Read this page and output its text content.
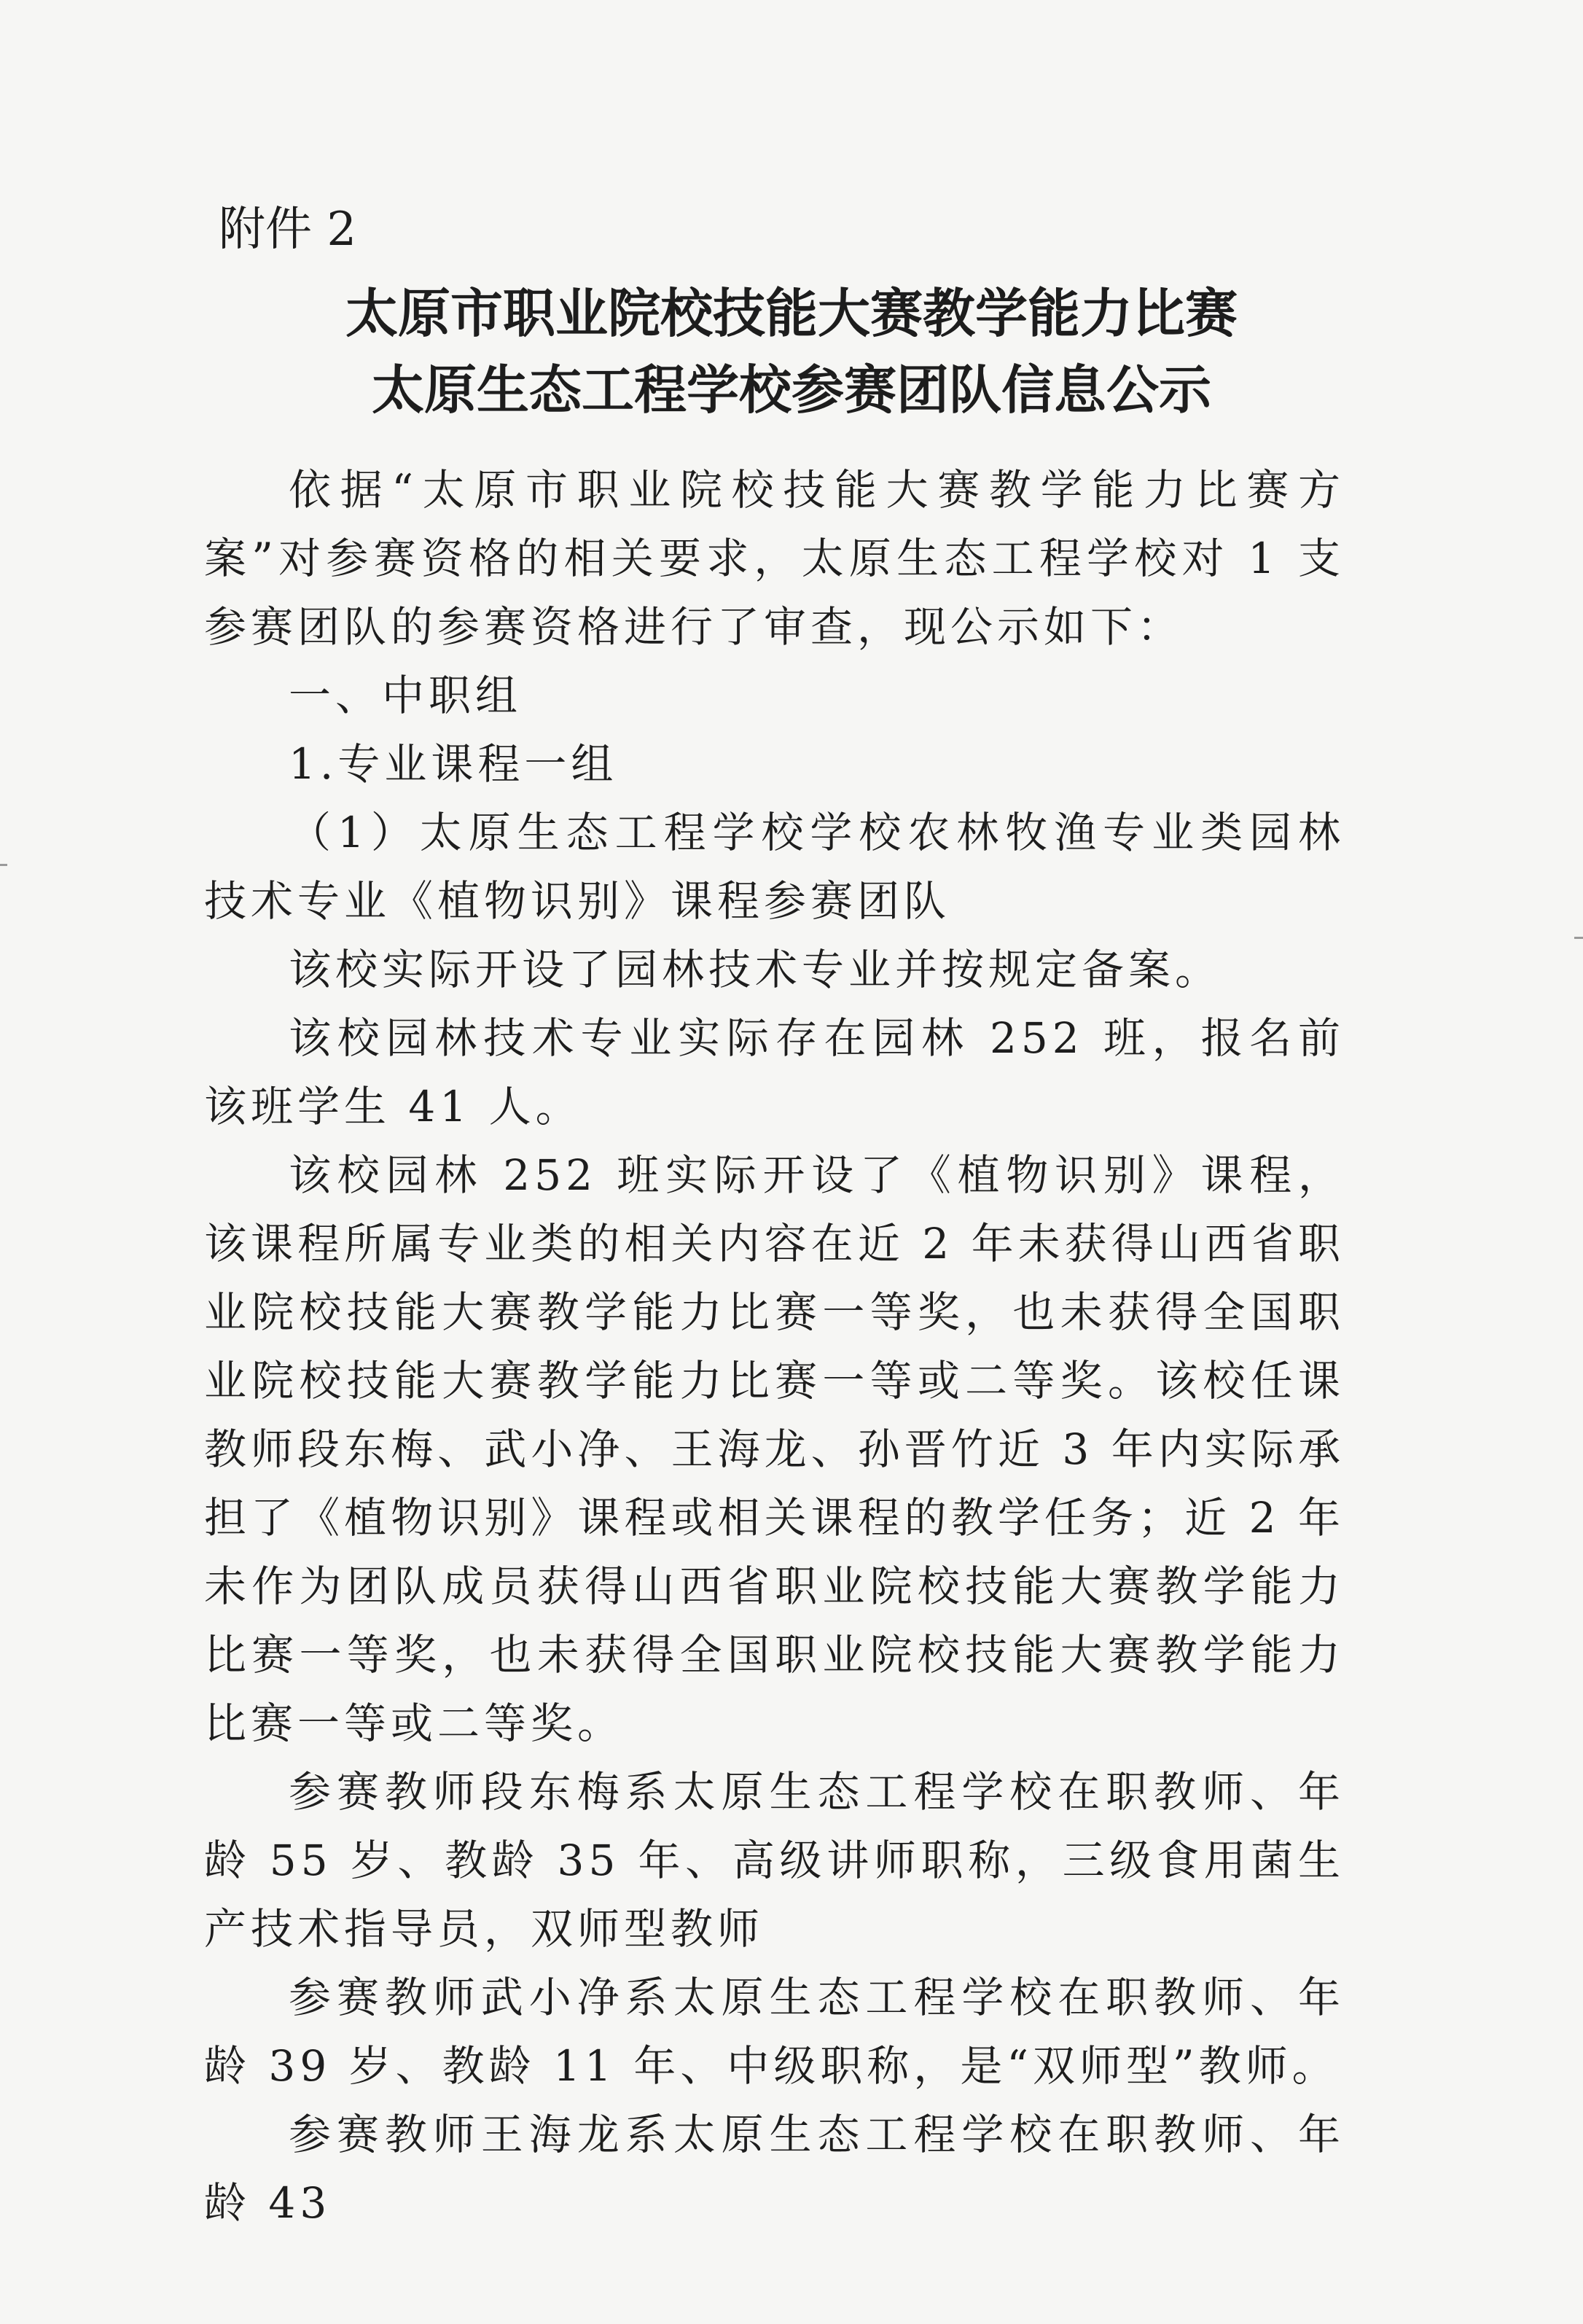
附件 2
太原市职业院校技能大赛教学能力比赛
太原生态工程学校参赛团队信息公示

依据“太原市职业院校技能大赛教学能力比赛方案”对参赛资格的相关要求，太原生态工程学校对 1 支参赛团队的参赛资格进行了审查，现公示如下：

一、中职组

1.专业课程一组

（1）太原生态工程学校学校农林牧渔专业类园林技术专业《植物识别》课程参赛团队

该校实际开设了园林技术专业并按规定备案。

该校园林技术专业实际存在园林 252 班，报名前该班学生 41 人。

该校园林 252 班实际开设了《植物识别》课程，该课程所属专业类的相关内容在近 2 年未获得山西省职业院校技能大赛教学能力比赛一等奖，也未获得全国职业院校技能大赛教学能力比赛一等或二等奖。该校任课教师段东梅、武小净、王海龙、孙晋竹近 3 年内实际承担了《植物识别》课程或相关课程的教学任务；近 2 年未作为团队成员获得山西省职业院校技能大赛教学能力比赛一等奖，也未获得全国职业院校技能大赛教学能力比赛一等或二等奖。

参赛教师段东梅系太原生态工程学校在职教师、年龄 55 岁、教龄 35 年、高级讲师职称，三级食用菌生产技术指导员，双师型教师

参赛教师武小净系太原生态工程学校在职教师、年龄 39 岁、教龄 11 年、中级职称，是“双师型”教师。

参赛教师王海龙系太原生态工程学校在职教师、年龄 43
